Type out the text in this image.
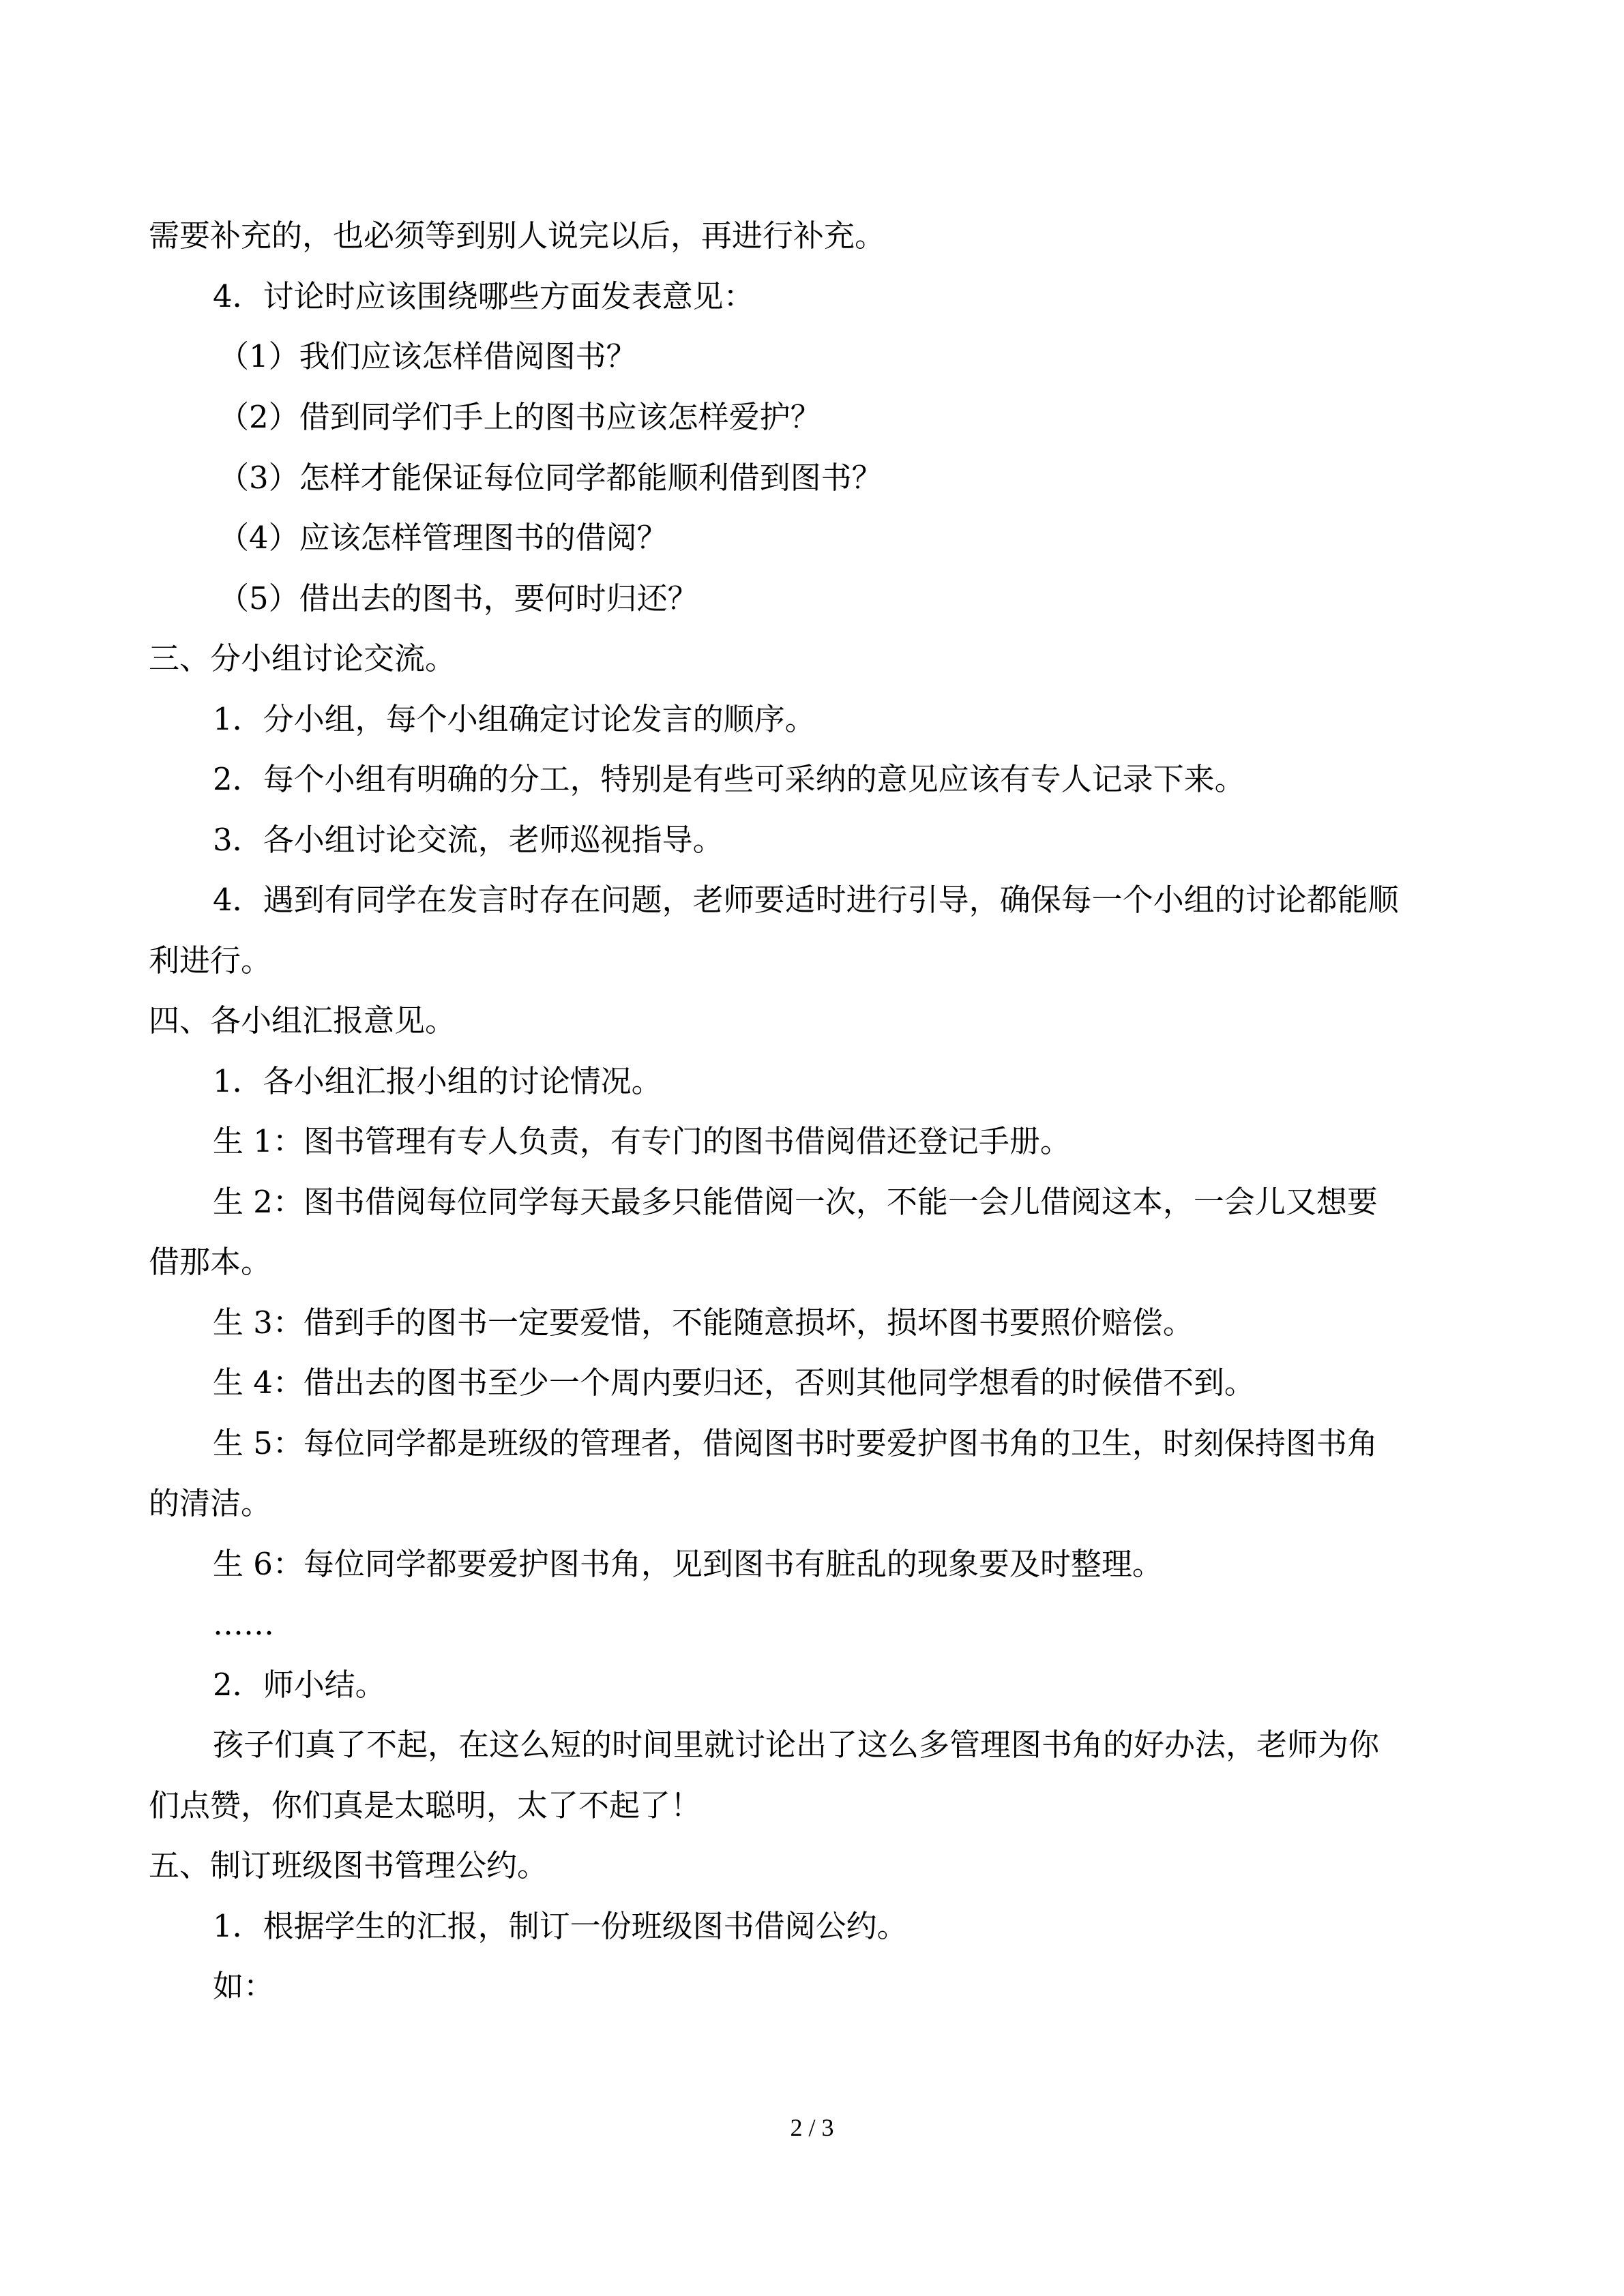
需要补充的，也必须等到别人说完以后，再进行补充。
4．讨论时应该围绕哪些方面发表意见：
（1）我们应该怎样借阅图书？
（2）借到同学们手上的图书应该怎样爱护？
（3）怎样才能保证每位同学都能顺利借到图书？
（4）应该怎样管理图书的借阅？
（5）借出去的图书，要何时归还？
三、分小组讨论交流。
1．分小组，每个小组确定讨论发言的顺序。
2．每个小组有明确的分工，特别是有些可采纳的意见应该有专人记录下来。
3．各小组讨论交流，老师巡视指导。
4．遇到有同学在发言时存在问题，老师要适时进行引导，确保每一个小组的讨论都能顺
利进行。
四、各小组汇报意见。
1．各小组汇报小组的讨论情况。
生 1：图书管理有专人负责，有专门的图书借阅借还登记手册。
生 2：图书借阅每位同学每天最多只能借阅一次，不能一会儿借阅这本，一会儿又想要
借那本。
生 3：借到手的图书一定要爱惜，不能随意损坏，损坏图书要照价赔偿。
生 4：借出去的图书至少一个周内要归还，否则其他同学想看的时候借不到。
生 5：每位同学都是班级的管理者，借阅图书时要爱护图书角的卫生，时刻保持图书角
的清洁。
生 6：每位同学都要爱护图书角，见到图书有脏乱的现象要及时整理。
……
2．师小结。
孩子们真了不起，在这么短的时间里就讨论出了这么多管理图书角的好办法，老师为你
们点赞，你们真是太聪明，太了不起了！
五、制订班级图书管理公约。
1．根据学生的汇报，制订一份班级图书借阅公约。
如：
2 / 3
